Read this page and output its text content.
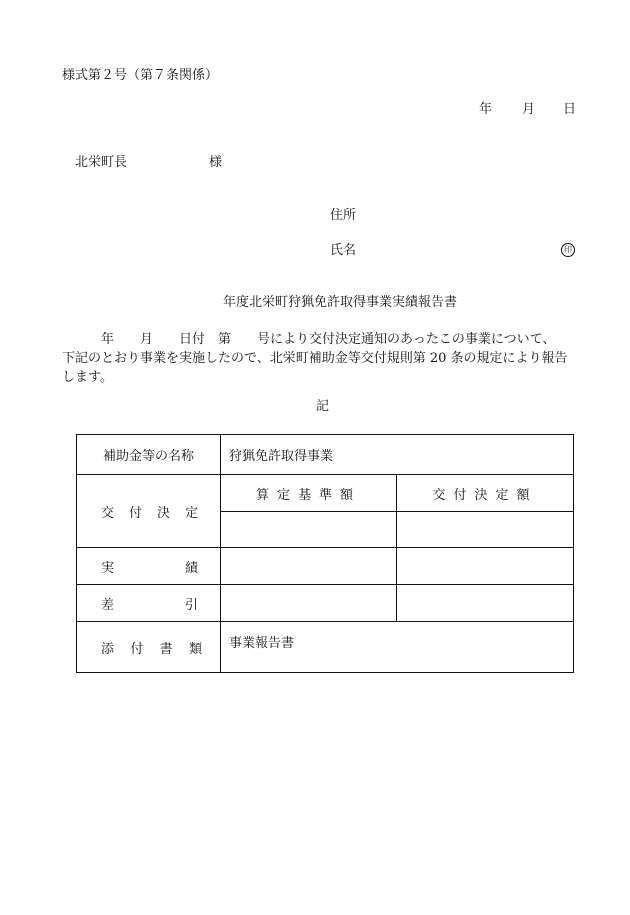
様式第２号（第７条関係）
年 月 日
北栄町長	様
住所
氏名	印
年度北栄町狩猟免許取得事業実績報告書
　　　年　　月　　日付　第　　号により交付決定通知のあったこの事業について、
下記のとおり事業を実施したので、北栄町補助金等交付規則第 20 条の規定により報告
します。
記
補助金等の名称	狩猟免許取得事業	

交 付 決 定	算定基準額	交付決定額

実 績		

差 引		

添 付 書 類	事業報告書	
